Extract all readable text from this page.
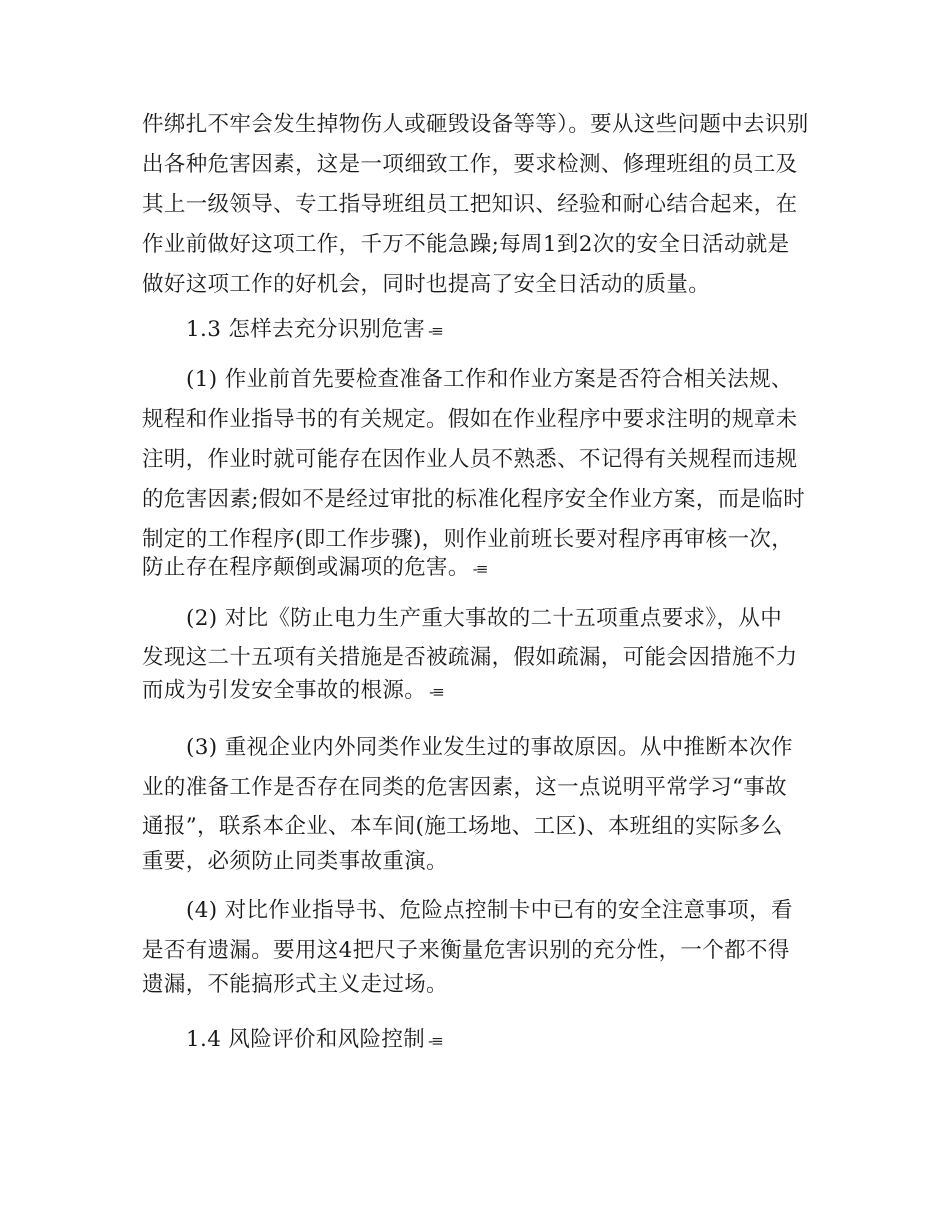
件绑扎不牢会发生掉物伤人或砸毁设备等等）。要从这些问题中去识别
出各种危害因素，这是一项细致工作，要求检测、修理班组的员工及
其上一级领导、专工指导班组员工把知识、经验和耐心结合起来，在
作业前做好这项工作，千万不能急躁;每周1到2次的安全日活动就是
做好这项工作的好机会，同时也提高了安全日活动的质量。
1.3 怎样去充分识别危害 -≡
(1) 作业前首先要检查准备工作和作业方案是否符合相关法规、
规程和作业指导书的有关规定。假如在作业程序中要求注明的规章未
注明，作业时就可能存在因作业人员不熟悉、不记得有关规程而违规
的危害因素;假如不是经过审批的标准化程序安全作业方案，而是临时
制定的工作程序(即工作步骤)，则作业前班长要对程序再审核一次，
防止存在程序颠倒或漏项的危害。 -≡
(2) 对比《防止电力生产重大事故的二十五项重点要求》，从中
发现这二十五项有关措施是否被疏漏，假如疏漏，可能会因措施不力
而成为引发安全事故的根源。 -≡
(3) 重视企业内外同类作业发生过的事故原因。从中推断本次作
业的准备工作是否存在同类的危害因素，这一点说明平常学习“事故
通报”，联系本企业、本车间(施工场地、工区)、本班组的实际多么
重要，必须防止同类事故重演。
(4) 对比作业指导书、危险点控制卡中已有的安全注意事项，看
是否有遗漏。要用这4把尺子来衡量危害识别的充分性，一个都不得
遗漏，不能搞形式主义走过场。
1.4 风险评价和风险控制 -≡
